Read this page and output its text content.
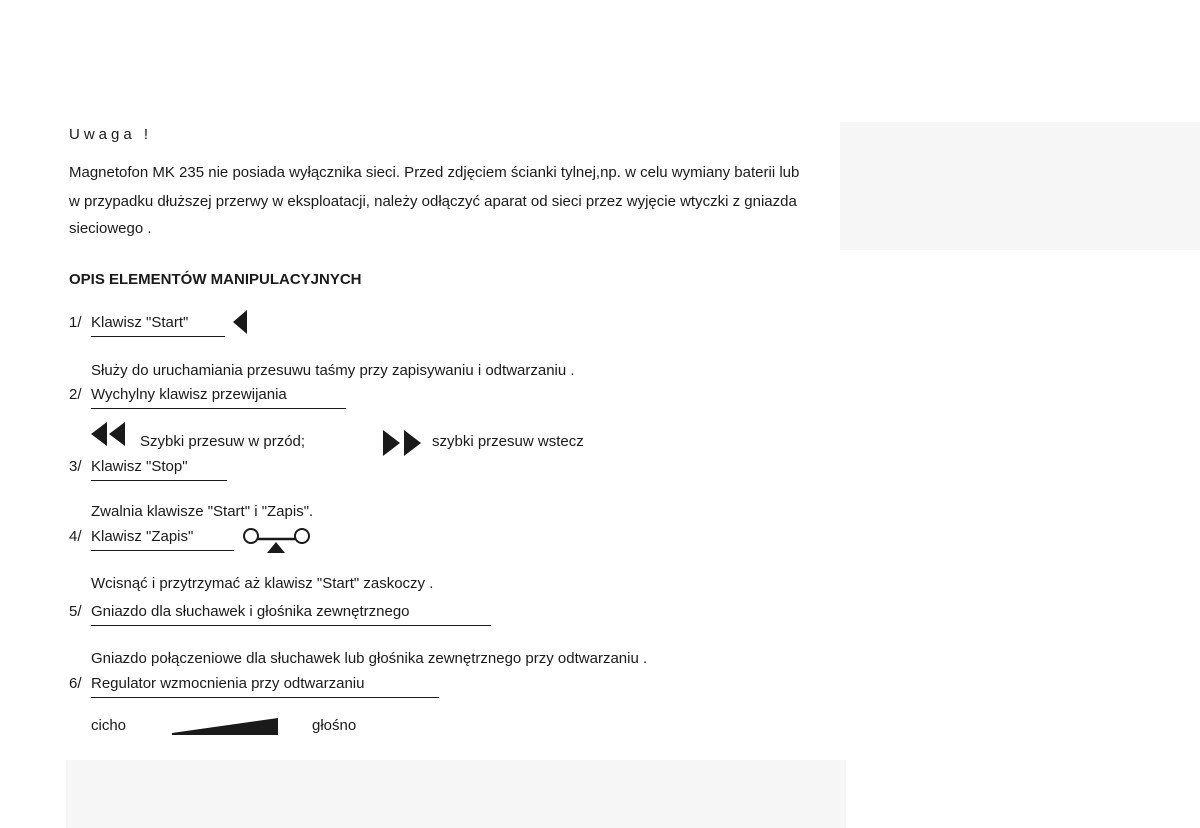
Uwaga !
Magnetofon MK 235 nie posiada wyłącznika sieci. Przed zdjęciem ścianki tylnej,np. w celu wymiany baterii lub
w przypadku dłuższej przerwy w eksploatacji, należy odłączyć aparat od sieci przez wyjęcie wtyczki z gniazda
sieciowego .
OPIS ELEMENTÓW MANIPULACYJNYCH
1/ Klawisz "Start"
Służy do uruchamiania przesuwu taśmy przy zapisywaniu i odtwarzaniu .
2/ Wychylny klawisz przewijania
Szybki przesuw w przód;	szybki przesuw wstecz
3/ Klawisz "Stop"
Zwalnia klawisze "Start" i "Zapis".
4/ Klawisz "Zapis"
Wcisnąć i przytrzymać aż klawisz "Start" zaskoczy .
5/ Gniazdo dla słuchawek i głośnika zewnętrznego
Gniazdo połączeniowe dla słuchawek lub głośnika zewnętrznego przy odtwarzaniu .
6/ Regulator wzmocnienia przy odtwarzaniu
cicho	głośno
